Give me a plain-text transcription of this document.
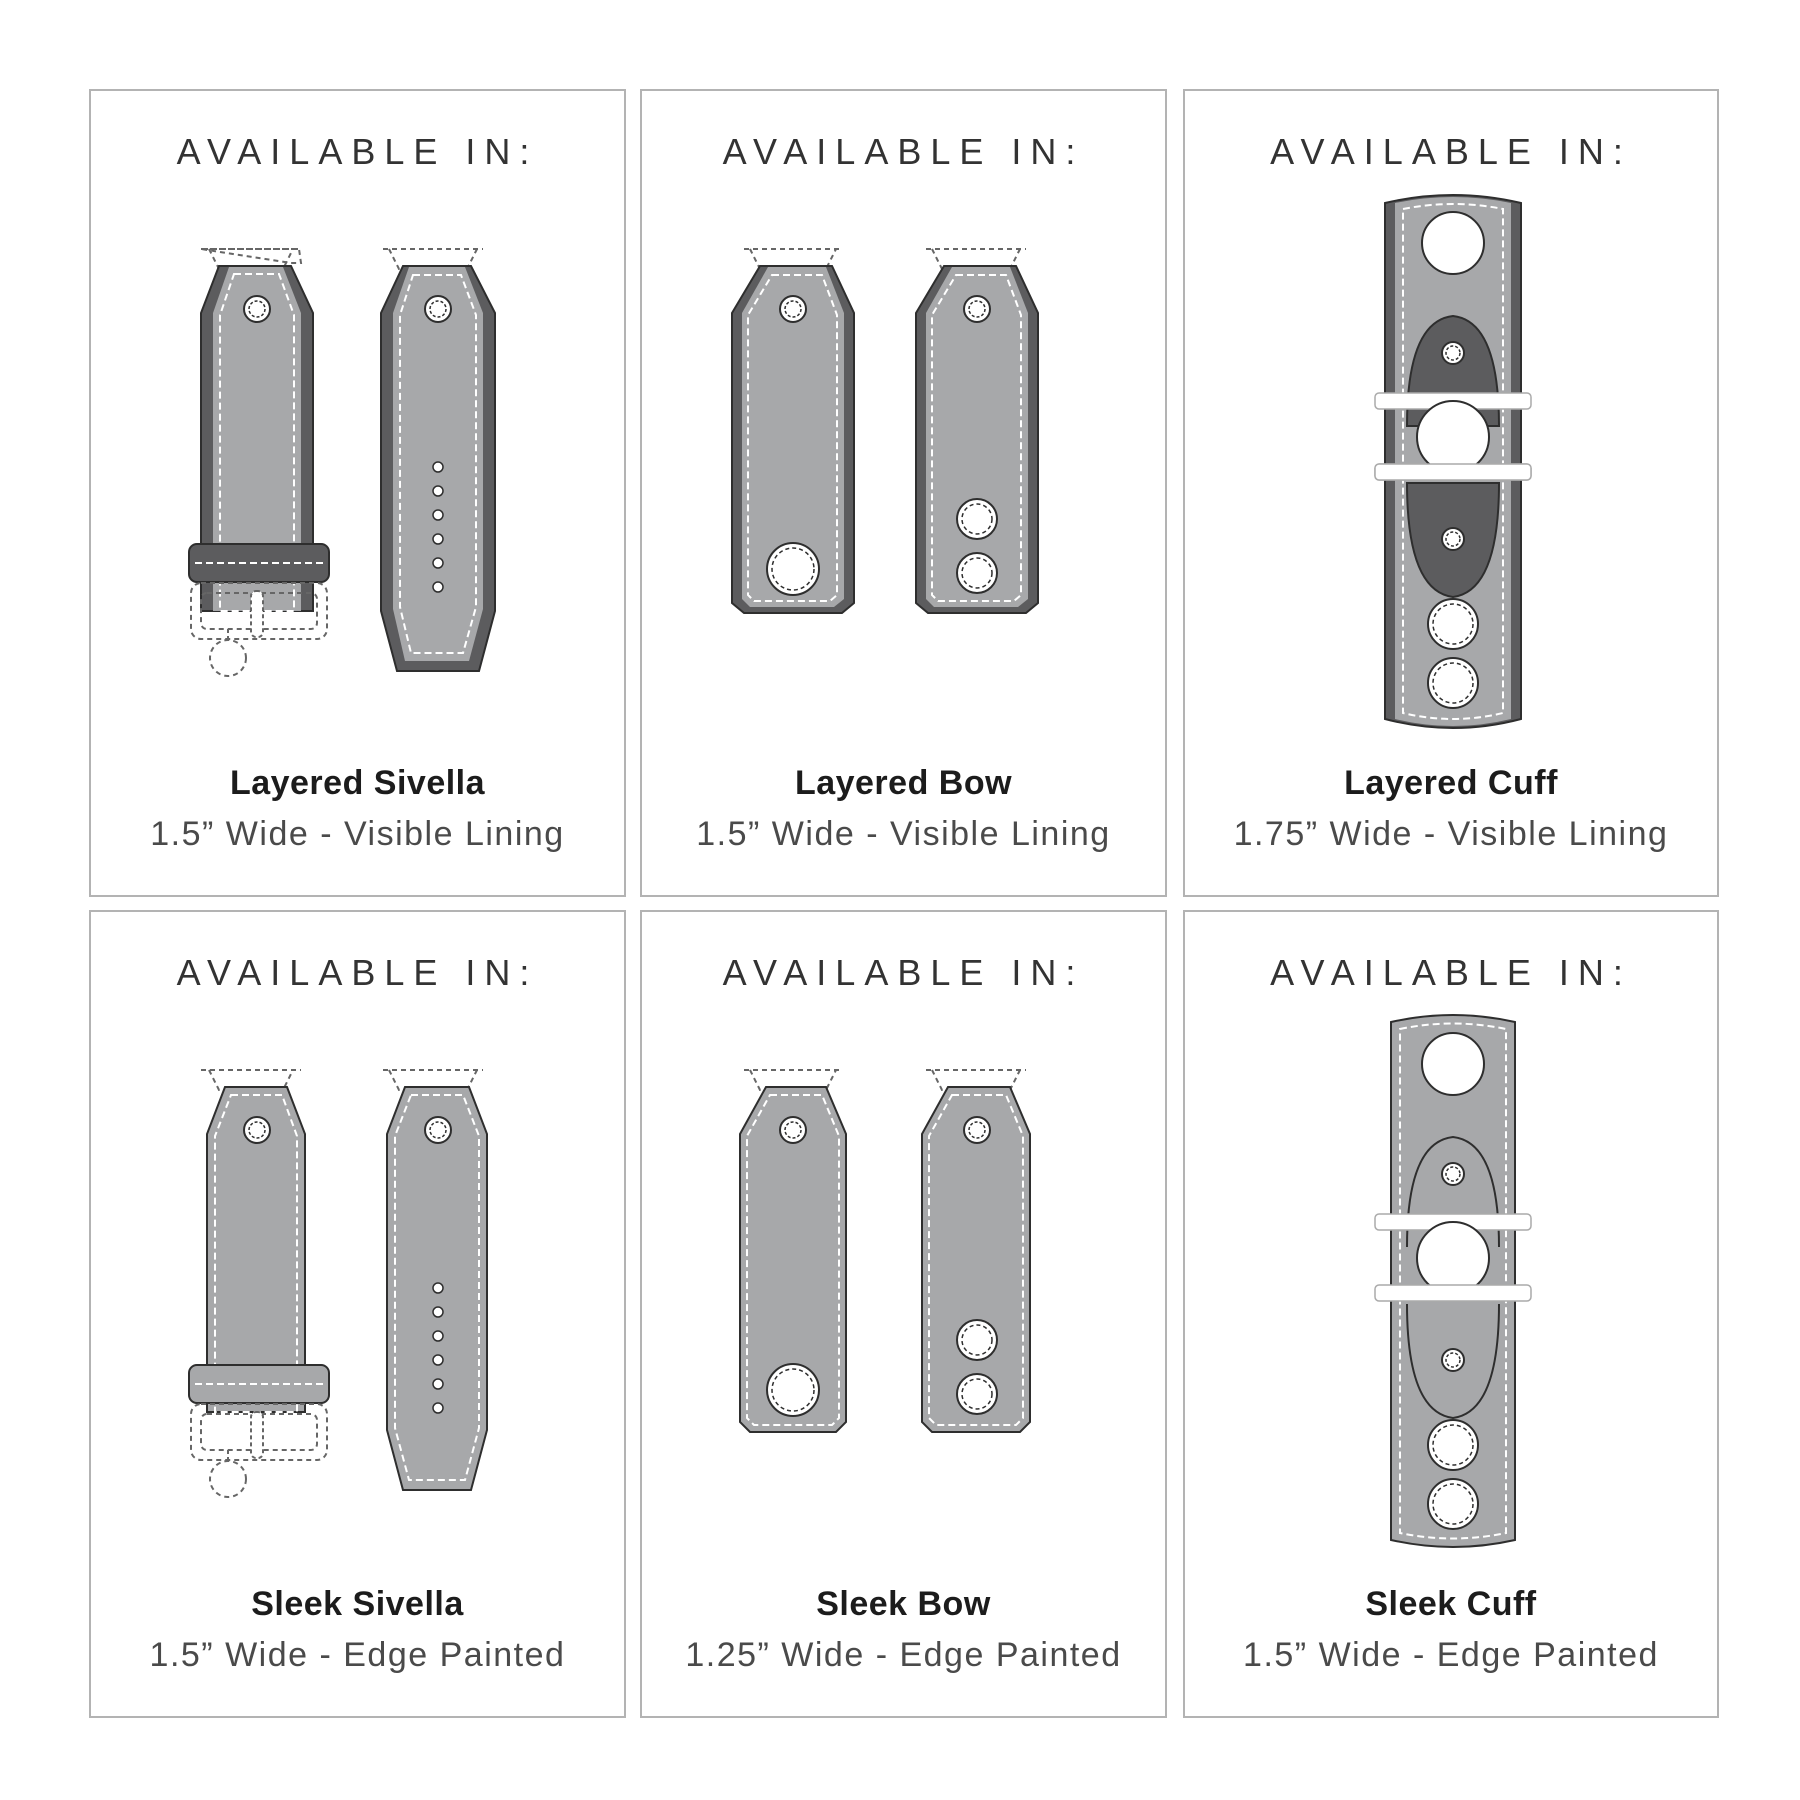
AVAILABLE IN:
Layered Sivella
1.5” Wide - Visible Lining
AVAILABLE IN:
Layered Bow
1.5” Wide - Visible Lining
AVAILABLE IN:
Layered Cuff
1.75” Wide - Visible Lining
AVAILABLE IN:
Sleek Sivella
1.5” Wide - Edge Painted
AVAILABLE IN:
Sleek Bow
1.25” Wide - Edge Painted
AVAILABLE IN:
Sleek Cuff
1.5” Wide - Edge Painted
